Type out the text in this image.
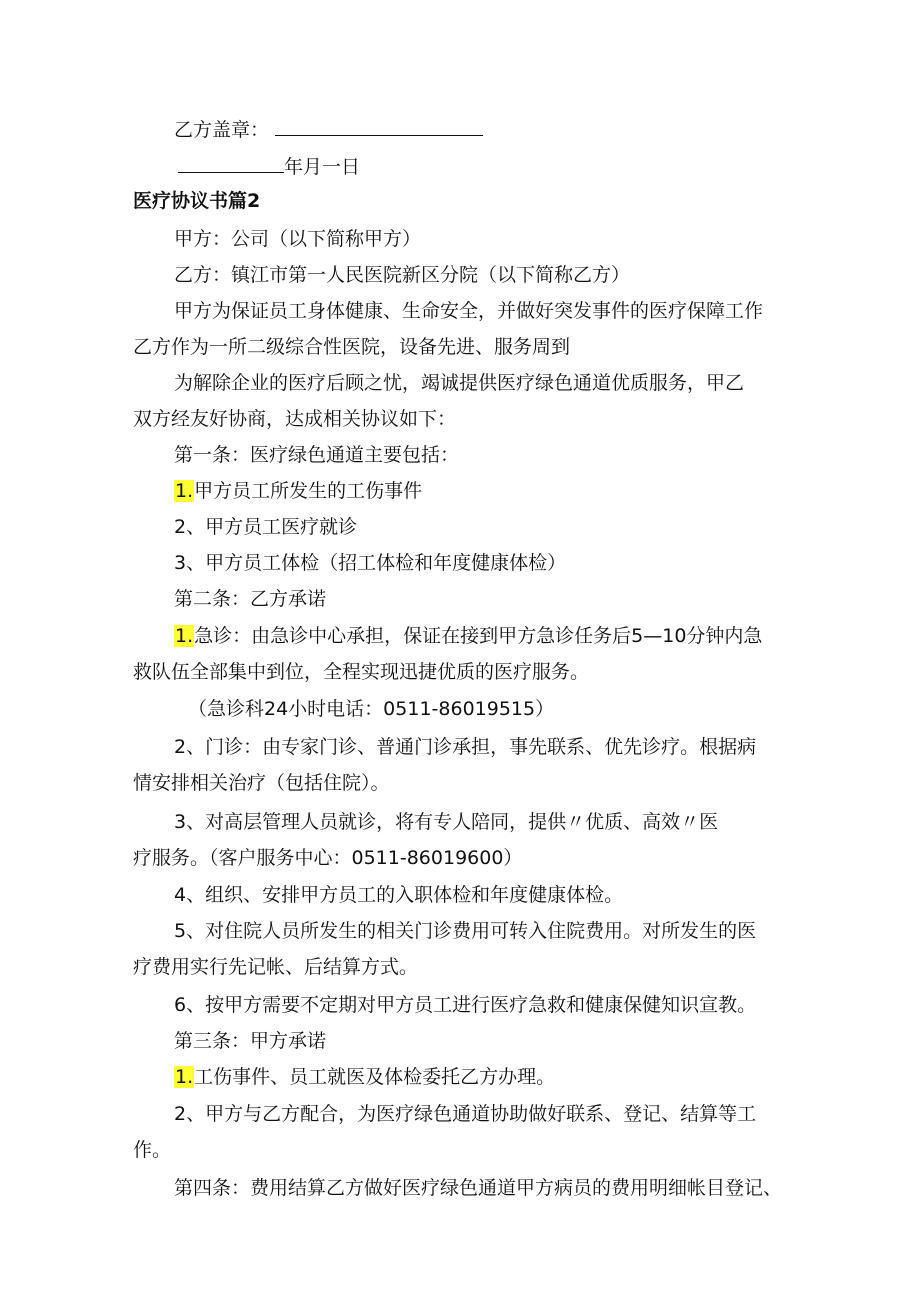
乙方盖章：
年月一日
医疗协议书篇2
甲方：公司（以下简称甲方）
乙方：镇江市第一人民医院新区分院（以下简称乙方）
甲方为保证员工身体健康、生命安全，并做好突发事件的医疗保障工作
乙方作为一所二级综合性医院，设备先进、服务周到
为解除企业的医疗后顾之忧，竭诚提供医疗绿色通道优质服务，甲乙
双方经友好协商，达成相关协议如下：
第一条：医疗绿色通道主要包括：
1.甲方员工所发生的工伤事件
2、甲方员工医疗就诊
3、甲方员工体检（招工体检和年度健康体检）
第二条：乙方承诺
1.急诊：由急诊中心承担，保证在接到甲方急诊任务后5—10分钟内急
救队伍全部集中到位，全程实现迅捷优质的医疗服务。
（急诊科24小时电话：0511-86019515）
2、门诊：由专家门诊、普通门诊承担，事先联系、优先诊疗。根据病
情安排相关治疗（包括住院）。
3、对高层管理人员就诊，将有专人陪同，提供〃优质、高效〃医
疗服务。（客户服务中心：0511-86019600）
4、组织、安排甲方员工的入职体检和年度健康体检。
5、对住院人员所发生的相关门诊费用可转入住院费用。对所发生的医
疗费用实行先记帐、后结算方式。
6、按甲方需要不定期对甲方员工进行医疗急救和健康保健知识宣教。
第三条：甲方承诺
1.工伤事件、员工就医及体检委托乙方办理。
2、甲方与乙方配合，为医疗绿色通道协助做好联系、登记、结算等工
作。
第四条：费用结算乙方做好医疗绿色通道甲方病员的费用明细帐目登记、
